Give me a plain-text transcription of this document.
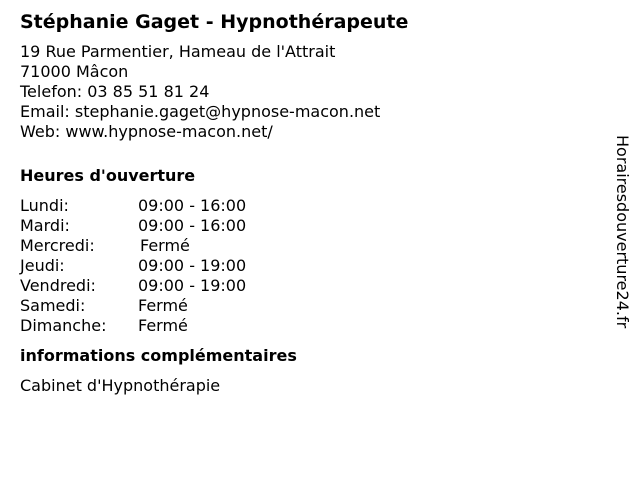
Stéphanie Gaget - Hypnothérapeute
19 Rue Parmentier, Hameau de l'Attrait
71000 Mâcon
Telefon: 03 85 51 81 24
Email: stephanie.gaget@hypnose-macon.net
Web: www.hypnose-macon.net/
Heures d'ouverture
Lundi:	09:00 - 16:00
Mardi:	09:00 - 16:00
Mercredi:	Fermé
Jeudi:	09:00 - 19:00
Vendredi:	09:00 - 19:00
Samedi:	Fermé
Dimanche: Fermé
informations complémentaires
Cabinet d'Hypnothérapie
Horairesdouverture24.fr
